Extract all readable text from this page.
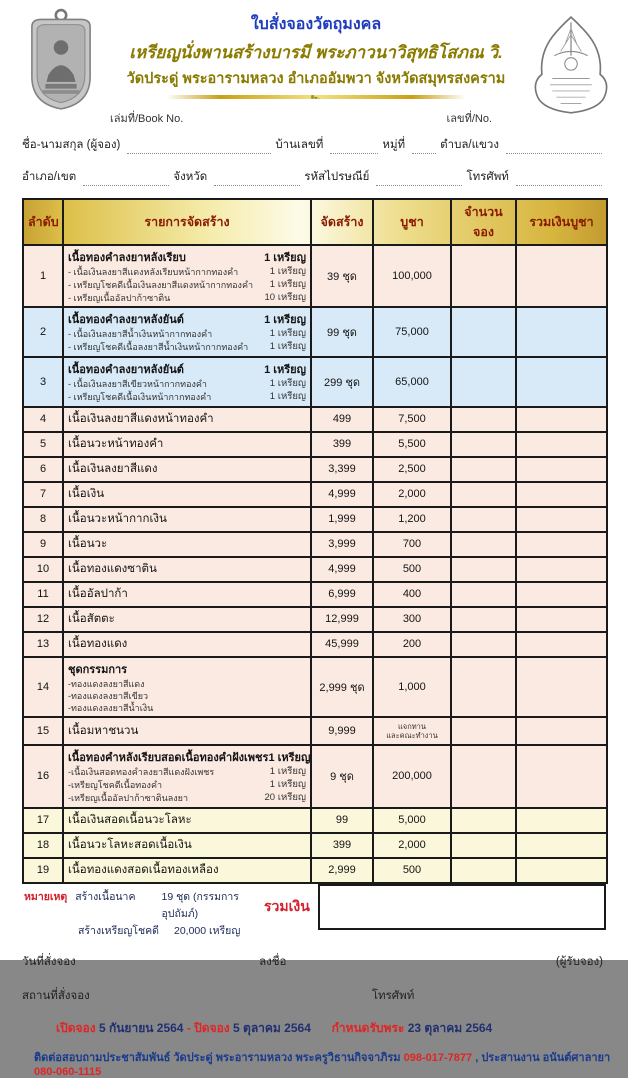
ใบสั่งจองวัตถุมงคล
เหรียญนั่งพานสร้างบารมี พระภาวนาวิสุทธิโสภณ วิ.
วัดประดู่ พระอารามหลวง อำเภออัมพวา จังหวัดสมุทรสงคราม
๛
เล่มที่/Book No.	เลขที่/No.
ชื่อ-นามสกุล (ผู้จอง)	บ้านเลขที่	หมู่ที่	ตำบล/แขวง
อำเภอ/เขต	จังหวัด	รหัสไปรษณีย์	โทรศัพท์
ลำดับ	รายการจัดสร้าง	จัดสร้าง	บูชา	จำนวนจอง	รวมเงินบูชา
1	
เนื้อทองคำลงยาหลังเรียบ	1 เหรียญ
- เนื้อเงินลงยาสีแดงหลังเรียบหน้ากากทองคำ	1 เหรียญ
- เหรียญโชคดีเนื้อเงินลงยาสีแดงหน้ากากทองคำ 1 เหรียญ
- เหรียญเนื้ออัลปาก้าซาติน	10 เหรียญ
	39 ชุด	100,000		
2	
เนื้อทองคำลงยาหลังยันต์	1 เหรียญ
- เนื้อเงินลงยาสีน้ำเงินหน้ากากทองคำ	1 เหรียญ
- เหรียญโชคดีเนื้อลงยาสีน้ำเงินหน้ากากทองคำ 1 เหรียญ
	99 ชุด	75,000		
3	
เนื้อทองคำลงยาหลังยันต์	1 เหรียญ
- เนื้อเงินลงยาสีเขียวหน้ากากทองคำ	1 เหรียญ
- เหรียญโชคดีเนื้อเงินหน้ากากทองคำ	1 เหรียญ
	299 ชุด	65,000		
4	เนื้อเงินลงยาสีแดงหน้าทองคำ	499	7,500		
5	เนื้อนวะหน้าทองคำ	399	5,500		
6	เนื้อเงินลงยาสีแดง	3,399	2,500		
7	เนื้อเงิน	4,999	2,000		
8	เนื้อนวะหน้ากากเงิน	1,999	1,200		
9	เนื้อนวะ	3,999	700		
10	เนื้อทองแดงซาติน	4,999	500		
11	เนื้ออัลปาก้า	6,999	400		
12	เนื้อสัตตะ	12,999	300		
13	เนื้อทองแดง	45,999	200		
14	ชุดกรรมการ
-ทองแดงลงยาสีแดง
-ทองแดงลงยาสีเขียว
-ทองแดงลงยาสีน้ำเงิน	2,999 ชุด	1,000		
15	เนื้อมหาชนวน	9,999	แจกทาน
และคณะทำงาน		

16	
เนื้อทองคำหลังเรียบสอดเนื้อทองคำฝังเพชร 1 เหรียญ
-เนื้อเงินสอดทองคำลงยาสีแดงฝังเพชร	1 เหรียญ
-เหรียญโชคดีเนื้อทองคำ	1 เหรียญ
-เหรียญเนื้ออัลปาก้าซาตินลงยา	20 เหรียญ
	9 ชุด	200,000		
17	เนื้อเงินสอดเนื้อนวะโลหะ	99	5,000		
18	เนื้อนวะโลหะสอดเนื้อเงิน	399	2,000		
19	เนื้อทองแดงสอดเนื้อทองเหลือง	2,999	500		
หมายเหตุ สร้างเนื้อนาค	19 ชุด (กรรมการอุปถัมภ์)
สร้างเหรียญโชคดี	20,000 เหรียญ
รวมเงิน
วันที่สั่งจอง	ลงชื่อ	(ผู้รับจอง)
สถานที่สั่งจอง	โทรศัพท์
เปิดจอง 5 กันยายน 2564 - ปิดจอง 5 ตุลาคม 2564 กำหนดรับพระ 23 ตุลาคม 2564
ติดต่อสอบถามประชาสัมพันธ์ วัดประดู่ พระอารามหลวง พระครูวิธานกิจจาภิรม 098-017-7877 , ประสานงาน อนันต์ศาลายา 080-060-1115
